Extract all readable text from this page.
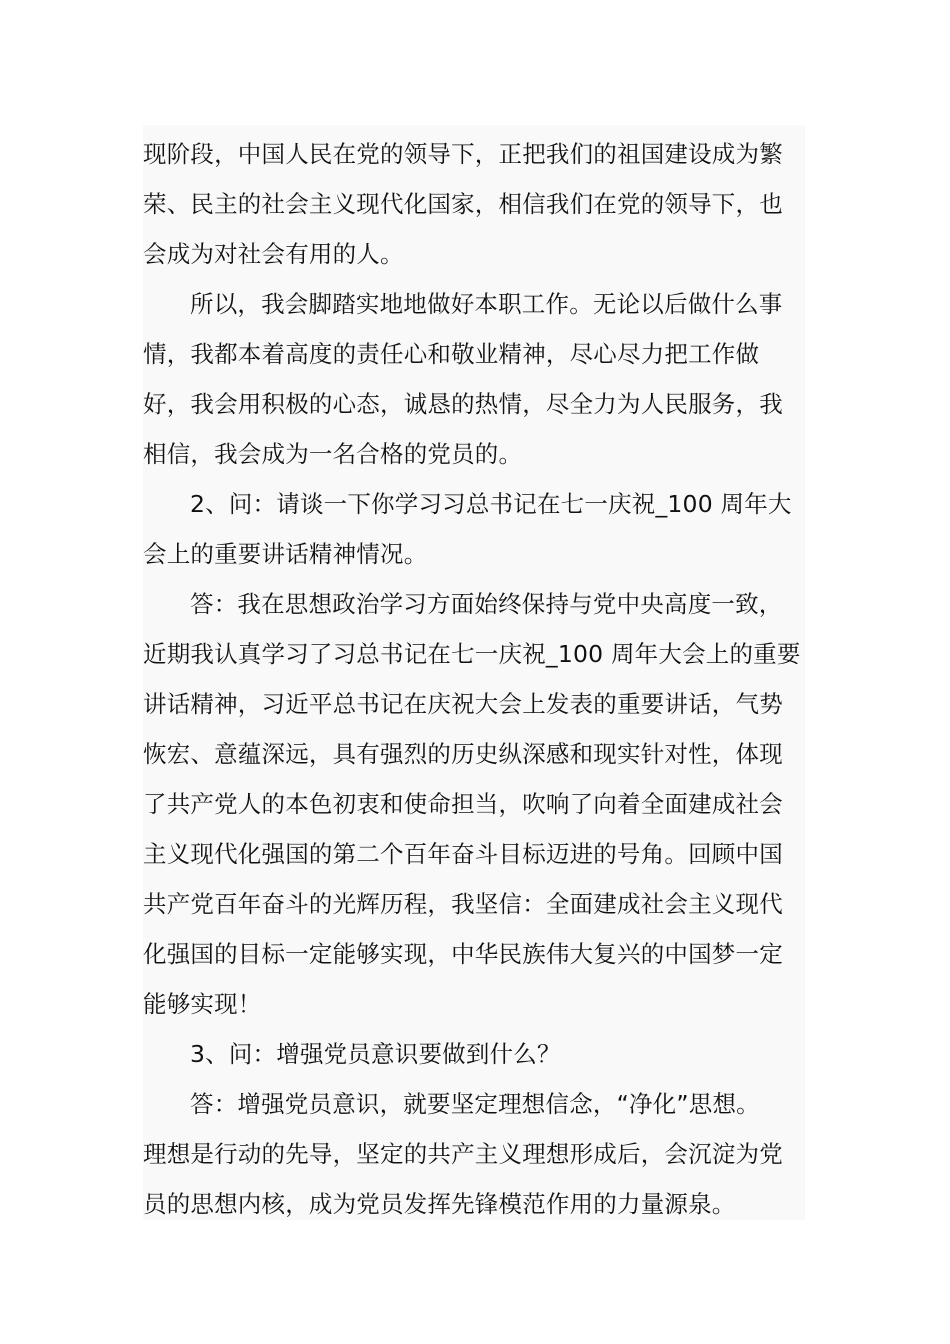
现阶段，中国人民在党的领导下，正把我们的祖国建设成为繁
荣、民主的社会主义现代化国家，相信我们在党的领导下，也
会成为对社会有用的人。
所以，我会脚踏实地地做好本职工作。无论以后做什么事
情，我都本着高度的责任心和敬业精神，尽心尽力把工作做
好，我会用积极的心态，诚恳的热情，尽全力为人民服务，我
相信，我会成为一名合格的党员的。
2、问：请谈一下你学习习总书记在七一庆祝_100 周年大
会上的重要讲话精神情况。
答：我在思想政治学习方面始终保持与党中央高度一致，
近期我认真学习了习总书记在七一庆祝_100 周年大会上的重要
讲话精神，习近平总书记在庆祝大会上发表的重要讲话，气势
恢宏、意蕴深远，具有强烈的历史纵深感和现实针对性，体现
了共产党人的本色初衷和使命担当，吹响了向着全面建成社会
主义现代化强国的第二个百年奋斗目标迈进的号角。回顾中国
共产党百年奋斗的光辉历程，我坚信：全面建成社会主义现代
化强国的目标一定能够实现，中华民族伟大复兴的中国梦一定
能够实现！
3、问：增强党员意识要做到什么？
答：增强党员意识，就要坚定理想信念，“净化”思想。
理想是行动的先导，坚定的共产主义理想形成后，会沉淀为党
员的思想内核，成为党员发挥先锋模范作用的力量源泉。
